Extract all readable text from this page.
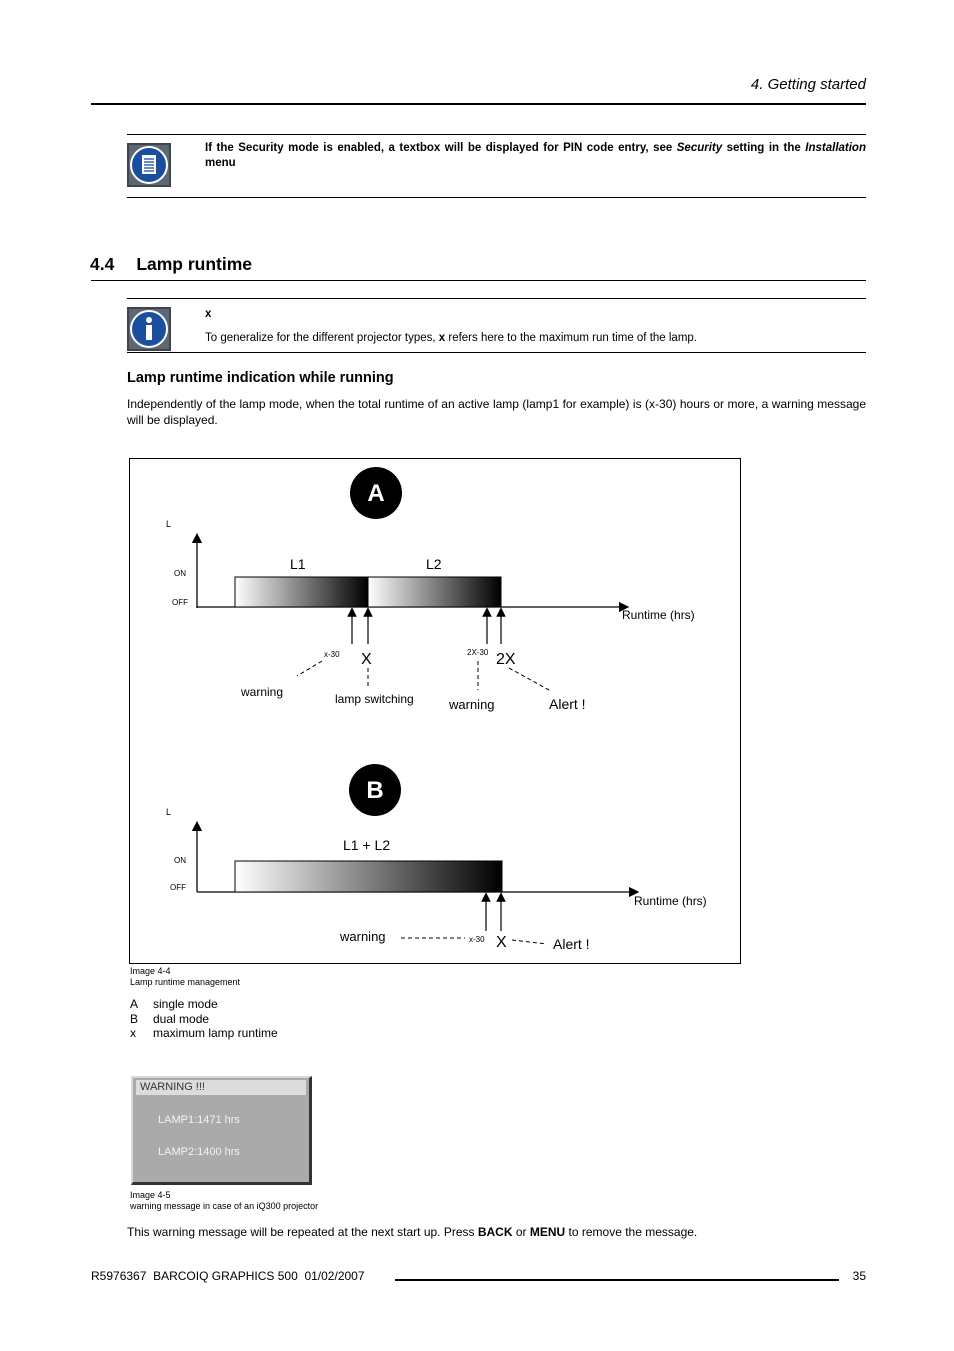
4. Getting started
If the Security mode is enabled, a textbox will be displayed for PIN code entry, see Security setting in the Installation menu
4.4 Lamp runtime
x
To generalize for the different projector types, x refers here to the maximum run time of the lamp.
Lamp runtime indication while running
Independently of the lamp mode, when the total runtime of an active lamp (lamp1 for example) is (x-30) hours or more, a warning message will be displayed.
A
L
ON
OFF
L1	L2
Runtime (hrs)
x-30 X	2X-30 2X
warning	lamp switching	warning	Alert !
B
L
ON
OFF
L1 + L2
Runtime (hrs)
warning	x-30 X	Alert !
Image 4-4
Lamp runtime management
A single mode
B dual mode
x maximum lamp runtime
WARNING !!!
LAMP1:1471 hrs
LAMP2:1400 hrs
Image 4-5
warning message in case of an iQ300 projector
This warning message will be repeated at the next start up. Press BACK or MENU to remove the message.
R5976367 BARCOIQ GRAPHICS 500 01/02/2007	35
